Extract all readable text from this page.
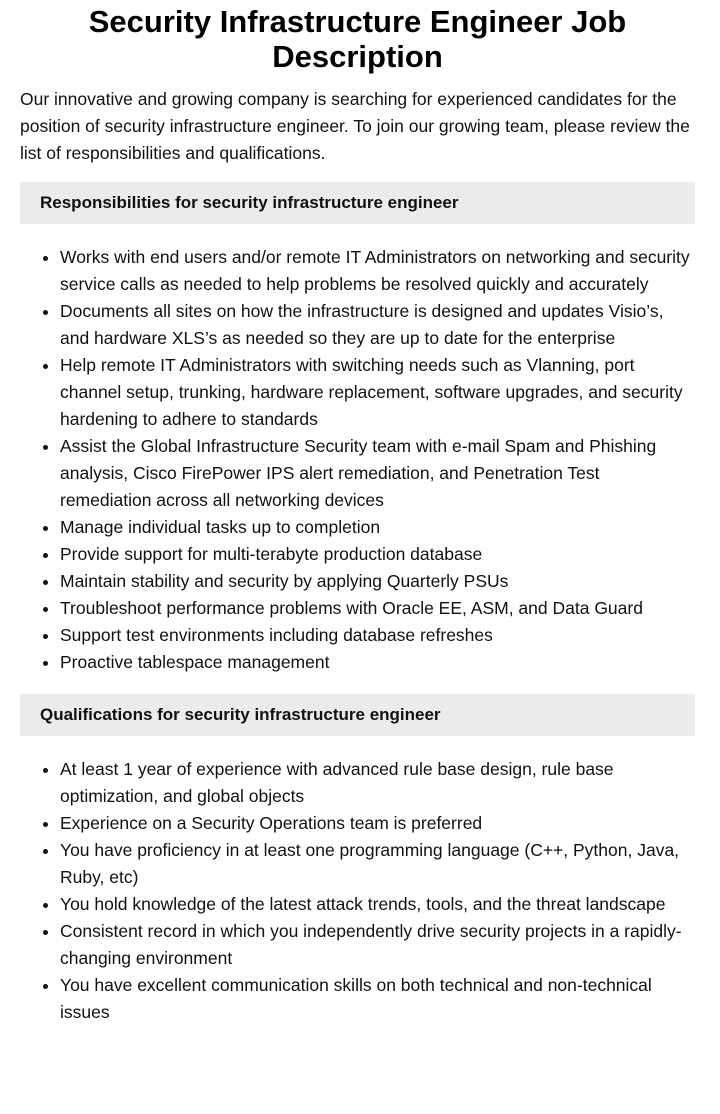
Security Infrastructure Engineer Job Description

Our innovative and growing company is searching for experienced candidates for the position of security infrastructure engineer. To join our growing team, please review the list of responsibilities and qualifications.

Responsibilities for security infrastructure engineer
• Works with end users and/or remote IT Administrators on networking and security service calls as needed to help problems be resolved quickly and accurately
• Documents all sites on how the infrastructure is designed and updates Visio’s, and hardware XLS’s as needed so they are up to date for the enterprise
• Help remote IT Administrators with switching needs such as Vlanning, port channel setup, trunking, hardware replacement, software upgrades, and security hardening to adhere to standards
• Assist the Global Infrastructure Security team with e-mail Spam and Phishing analysis, Cisco FirePower IPS alert remediation, and Penetration Test remediation across all networking devices
• Manage individual tasks up to completion
• Provide support for multi-terabyte production database
• Maintain stability and security by applying Quarterly PSUs
• Troubleshoot performance problems with Oracle EE, ASM, and Data Guard
• Support test environments including database refreshes
• Proactive tablespace management
Qualifications for security infrastructure engineer
• At least 1 year of experience with advanced rule base design, rule base optimization, and global objects
• Experience on a Security Operations team is preferred
• You have proficiency in at least one programming language (C++, Python, Java, Ruby, etc)
• You hold knowledge of the latest attack trends, tools, and the threat landscape
• Consistent record in which you independently drive security projects in a rapidly-changing environment
• You have excellent communication skills on both technical and non-technical issues
